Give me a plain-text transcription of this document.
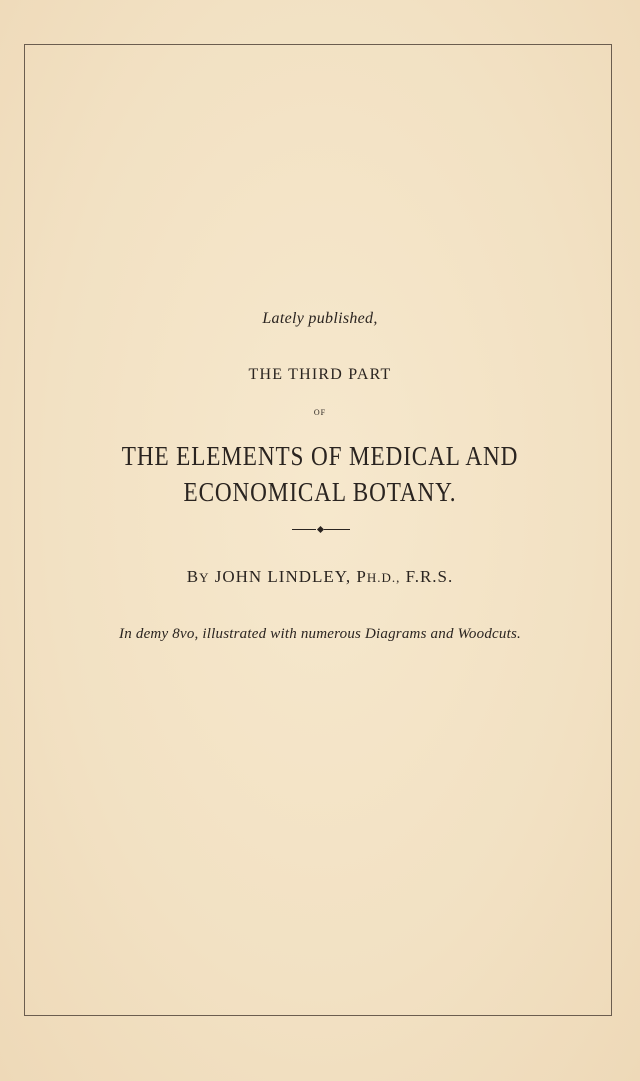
Lately published,
THE THIRD PART
OF
THE ELEMENTS OF MEDICAL AND
ECONOMICAL BOTANY.
BY JOHN LINDLEY, PH.D., F.R.S.
In demy 8vo, illustrated with numerous Diagrams and Woodcuts.
